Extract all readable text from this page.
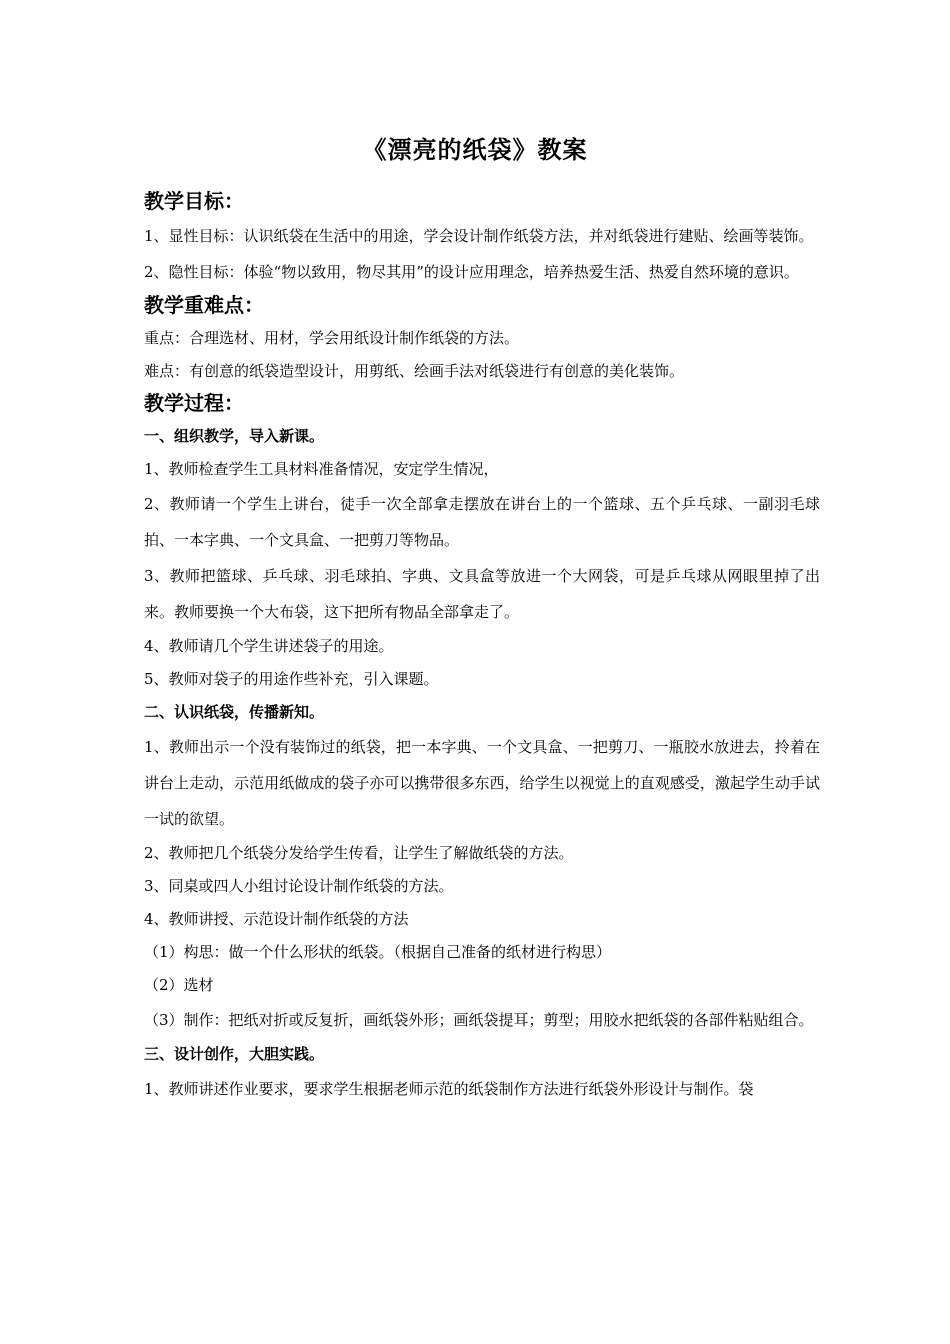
《漂亮的纸袋》教案
教学目标：

1、显性目标：认识纸袋在生活中的用途，学会设计制作纸袋方法，并对纸袋进行建贴、绘画等装饰。

2、隐性目标：体验“物以致用，物尽其用”的设计应用理念，培养热爱生活、热爱自然环境的意识。

教学重难点：

重点：合理选材、用材，学会用纸设计制作纸袋的方法。

难点：有创意的纸袋造型设计，用剪纸、绘画手法对纸袋进行有创意的美化装饰。

教学过程：

一、组织教学，导入新课。

1、教师检查学生工具材料准备情况，安定学生情况，

2、教师请一个学生上讲台，徒手一次全部拿走摆放在讲台上的一个篮球、五个乒乓球、一副羽毛球拍、一本字典、一个文具盒、一把剪刀等物品。

3、教师把篮球、乒乓球、羽毛球拍、字典、文具盒等放进一个大网袋，可是乒乓球从网眼里掉了出来。教师要换一个大布袋，这下把所有物品全部拿走了。

4、教师请几个学生讲述袋子的用途。

5、教师对袋子的用途作些补充，引入课题。

二、认识纸袋，传播新知。

1、教师出示一个没有装饰过的纸袋，把一本字典、一个文具盒、一把剪刀、一瓶胶水放进去，拎着在讲台上走动，示范用纸做成的袋子亦可以携带很多东西，给学生以视觉上的直观感受，激起学生动手试一试的欲望。

2、教师把几个纸袋分发给学生传看，让学生了解做纸袋的方法。

3、同桌或四人小组讨论设计制作纸袋的方法。

4、教师讲授、示范设计制作纸袋的方法

（1）构思：做一个什么形状的纸袋。（根据自己准备的纸材进行构思）

（2）选材

（3）制作：把纸对折或反复折，画纸袋外形；画纸袋提耳；剪型；用胶水把纸袋的各部件粘贴组合。

三、设计创作，大胆实践。

1、教师讲述作业要求，要求学生根据老师示范的纸袋制作方法进行纸袋外形设计与制作。袋
